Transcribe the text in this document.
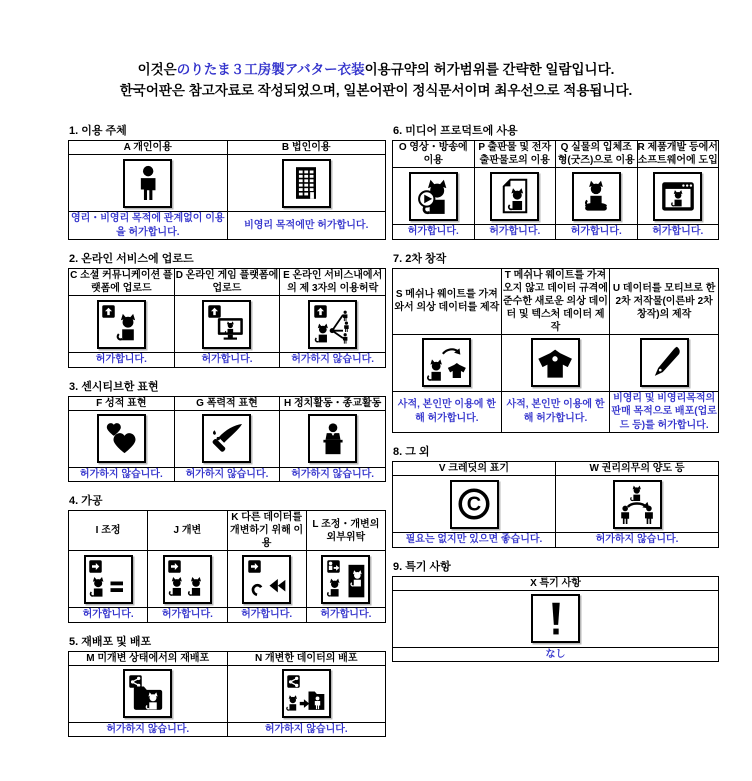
이것은のりたま３工房製アバター衣装이용규약의 허가범위를 간략한 일람입니다.
한국어판은 참고자료로 작성되었으며, 일본어판이 정식문서이며 최우선으로 적용됩니다.
1. 이용 주체
A 개인이용	B 법인이용

영리・비영리 목적에 관계없이 이용을 허가합니다.	비영리 목적에만 허가합니다.
2. 온라인 서비스에 업로드
C 소셜 커뮤니케이션 플랫폼에 업로드	D 온라인 게임 플랫폼에 업로드	E 온라인 서비스내에서의 제 3자의 이용허락

허가합니다.	허가합니다.	허가하지 않습니다.
3. 센시티브한 표현
F 성적 표현	G 폭력적 표현	H 정치활동・종교활동

허가하지 않습니다.	허가하지 않습니다.	허가하지 않습니다.
4. 가공
I 조정	J 개변	K 다른 데이터를 개변하기 위해 이용	L 조정・개변의 외부위탁

허가합니다.	허가합니다.	허가합니다.	허가합니다.
5. 재배포 및 배포
M 미개변 상태에서의 재배포	N 개변한 데이터의 배포

허가하지 않습니다.	허가하지 않습니다.
6. 미디어 프로덕트에 사용
O 영상・방송에 이용	P 출판물 및 전자출판물로의 이용	Q 실물의 입체조형(굿즈)으로 이용	R 제품개발 등에서 소프트웨어에 도입

허가합니다.	허가합니다.	허가합니다.	허가합니다.
7. 2차 창작
S 메쉬나 웨이트를 가져와서 의상 데이터를 제작	T 메쉬나 웨이트를 가져오지 않고 데이터 규격에 준수한 새로운 의상 데이터 및 텍스처 데이터 제작	U 데이터를 모티브로 한 2차 저작물(이른바 2차 창작)의 제작

사적, 본인만 이용에 한해 허가합니다.	사적, 본인만 이용에 한해 허가합니다.	비영리 및 비영리목적의 판매 목적으로 배포(업로드 등)를 허가합니다.
8. 그 외
V 크레딧의 표기	W 권리의무의 양도 등

C

필요는 없지만 있으면 좋습니다.	허가하지 않습니다.
9. 특기 사항
X 특기 사항

なし
